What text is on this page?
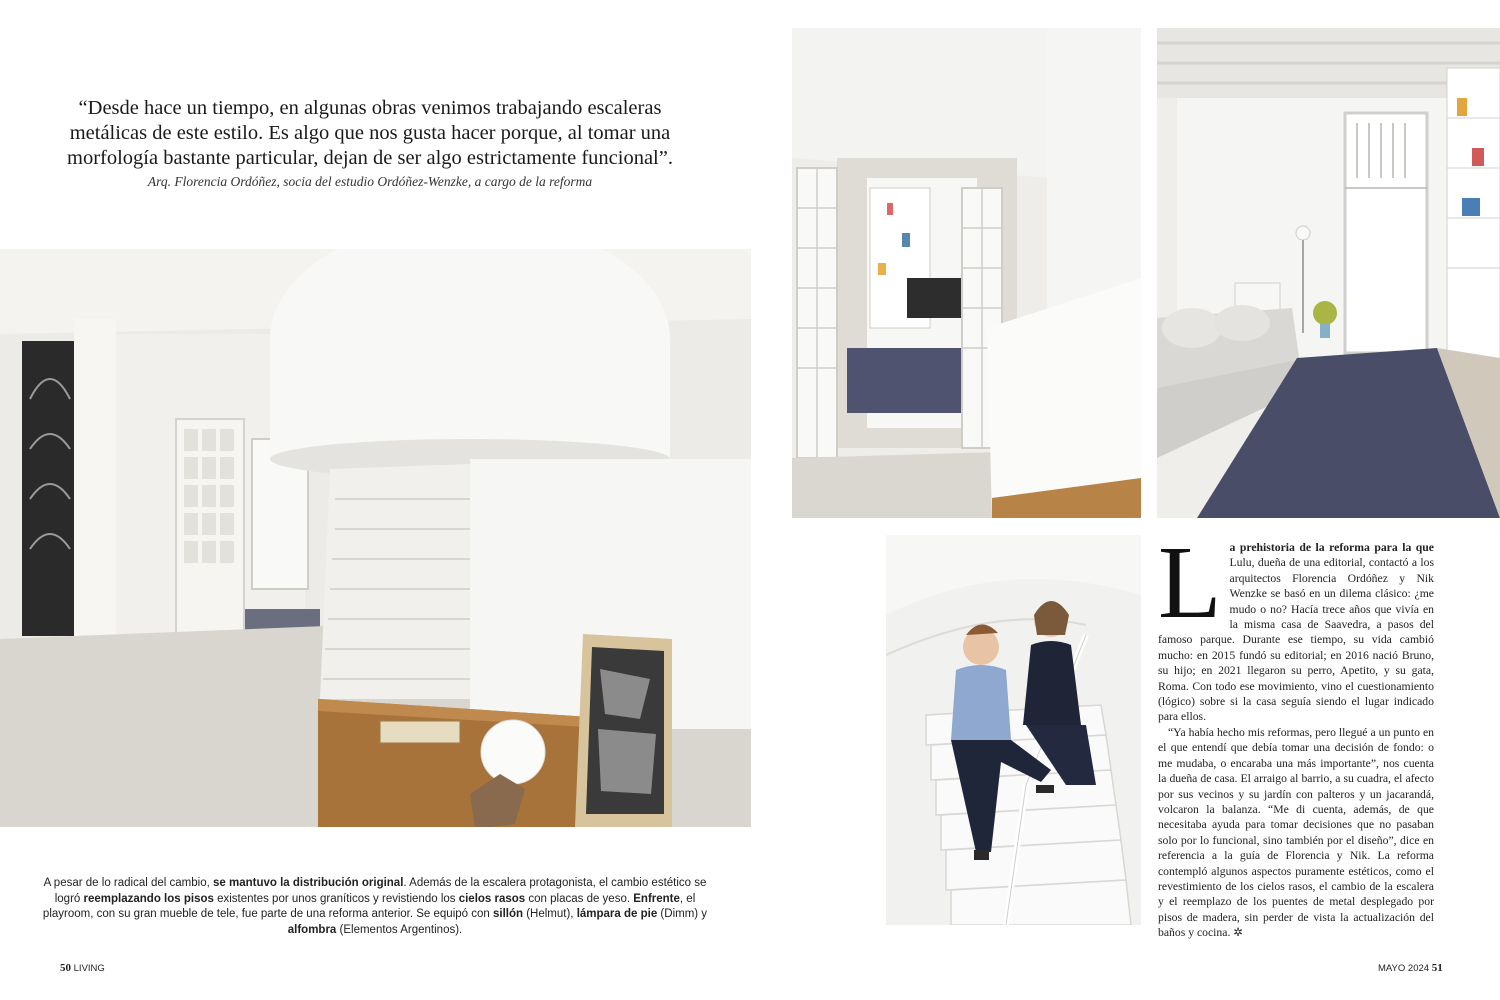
“Desde hace un tiempo, en algunas obras venimos trabajando escaleras metálicas de este estilo. Es algo que nos gusta hacer porque, al tomar una morfología bastante particular, dejan de ser algo estrictamente funcional”.

Arq. Florencia Ordóñez, socia del estudio Ordóñez-Wenzke, a cargo de la reforma
Lorem Ipsum
A pesar de lo radical del cambio, se mantuvo la distribución original. Además de la escalera protagonista, el cambio estético se logró reemplazando los pisos existentes por unos graníticos y revistiendo los cielos rasos con placas de yeso. Enfrente, el playroom, con su gran mueble de tele, fue parte de una reforma anterior. Se equipó con sillón (Helmut), lámpara de pie (Dimm) y alfombra (Elementos Argentinos).
L a prehistoria de la reforma para la que Lulu, dueña de una editorial, contactó a los arquitectos Florencia Ordóñez y Nik Wenzke se basó en un dilema clásico: ¿me mudo o no? Hacía trece años que vivía en la misma casa de Saavedra, a pasos del famoso parque. Durante ese tiempo, su vida cambió mucho: en 2015 fundó su editorial; en 2016 nació Bruno, su hijo; en 2021 llegaron su perro, Apetito, y su gata, Roma. Con todo ese movimiento, vino el cuestionamiento (lógico) sobre si la casa seguía siendo el lugar indicado para ellos.

“Ya había hecho mis reformas, pero llegué a un punto en el que entendí que debía tomar una decisión de fondo: o me mudaba, o encaraba una más importante”, nos cuenta la dueña de casa. El arraigo al barrio, a su cuadra, el afecto por sus vecinos y su jardín con palteros y un jacarandá, volcaron la balanza. “Me di cuenta, además, de que necesitaba ayuda para tomar decisiones que no pasaban solo por lo funcional, sino también por el diseño”, dice en referencia a la guía de Florencia y Nik. La reforma contempló algunos aspectos puramente estéticos, como el revestimiento de los cielos rasos, el cambio de la escalera y el reemplazo de los puentes de metal desplegado por pisos de madera, sin perder de vista la actualización del baños y cocina. ✲

50 LIVING	MAYO 2024 51
